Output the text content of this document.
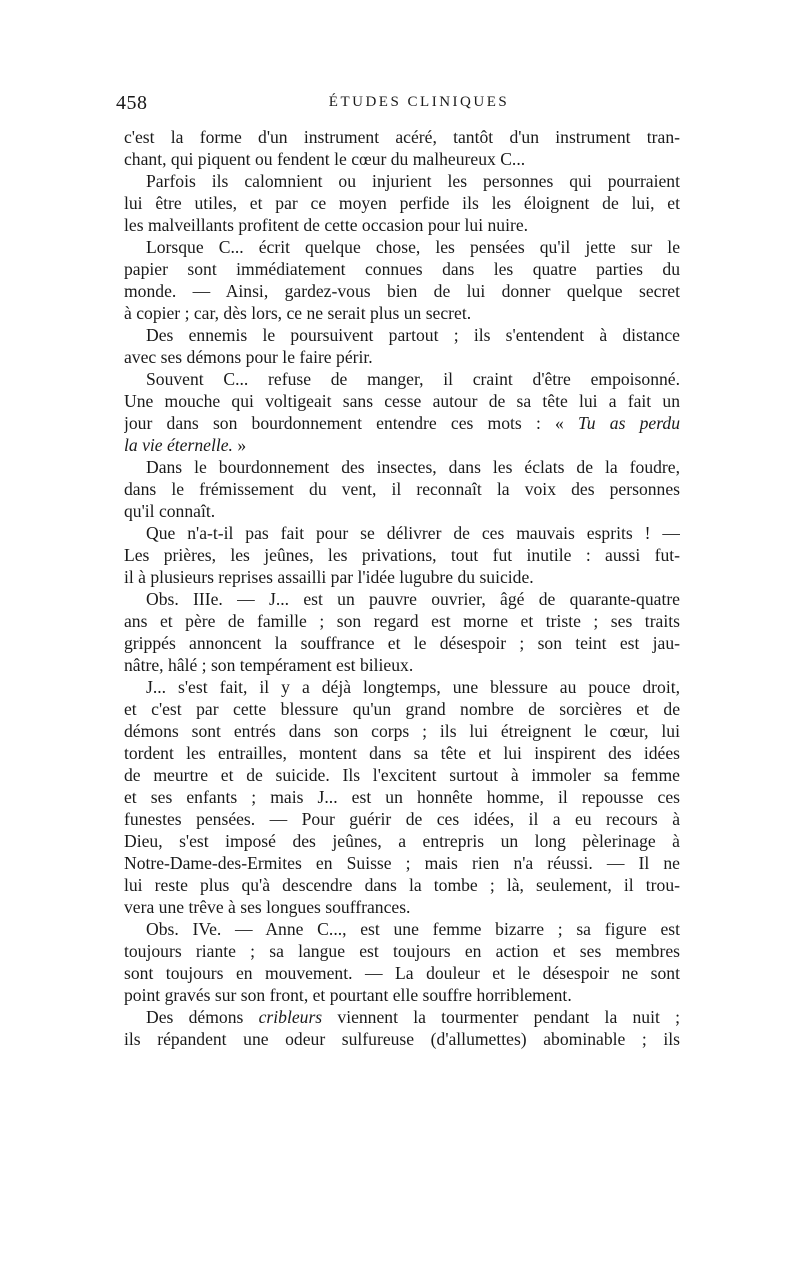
458	ÉTUDES CLINIQUES
c'est la forme d'un instrument acéré, tantôt d'un instrument tran-
chant, qui piquent ou fendent le cœur du malheureux C...
Parfois ils calomnient ou injurient les personnes qui pourraient
lui être utiles, et par ce moyen perfide ils les éloignent de lui, et
les malveillants profitent de cette occasion pour lui nuire.
Lorsque C... écrit quelque chose, les pensées qu'il jette sur le
papier sont immédiatement connues dans les quatre parties du
monde. — Ainsi, gardez-vous bien de lui donner quelque secret
à copier ; car, dès lors, ce ne serait plus un secret.
Des ennemis le poursuivent partout ; ils s'entendent à distance
avec ses démons pour le faire périr.
Souvent C... refuse de manger, il craint d'être empoisonné.
Une mouche qui voltigeait sans cesse autour de sa tête lui a fait un
jour dans son bourdonnement entendre ces mots : « Tu as perdu
la vie éternelle. »
Dans le bourdonnement des insectes, dans les éclats de la foudre,
dans le frémissement du vent, il reconnaît la voix des personnes
qu'il connaît.
Que n'a-t-il pas fait pour se délivrer de ces mauvais esprits ! —
Les prières, les jeûnes, les privations, tout fut inutile : aussi fut-
il à plusieurs reprises assailli par l'idée lugubre du suicide.
Obs. IIIe. — J... est un pauvre ouvrier, âgé de quarante-quatre
ans et père de famille ; son regard est morne et triste ; ses traits
grippés annoncent la souffrance et le désespoir ; son teint est jau-
nâtre, hâlé ; son tempérament est bilieux.
J... s'est fait, il y a déjà longtemps, une blessure au pouce droit,
et c'est par cette blessure qu'un grand nombre de sorcières et de
démons sont entrés dans son corps ; ils lui étreignent le cœur, lui
tordent les entrailles, montent dans sa tête et lui inspirent des idées
de meurtre et de suicide. Ils l'excitent surtout à immoler sa femme
et ses enfants ; mais J... est un honnête homme, il repousse ces
funestes pensées. — Pour guérir de ces idées, il a eu recours à
Dieu, s'est imposé des jeûnes, a entrepris un long pèlerinage à
Notre-Dame-des-Ermites en Suisse ; mais rien n'a réussi. — Il ne
lui reste plus qu'à descendre dans la tombe ; là, seulement, il trou-
vera une trêve à ses longues souffrances.
Obs. IVe. — Anne C..., est une femme bizarre ; sa figure est
toujours riante ; sa langue est toujours en action et ses membres
sont toujours en mouvement. — La douleur et le désespoir ne sont
point gravés sur son front, et pourtant elle souffre horriblement.
Des démons cribleurs viennent la tourmenter pendant la nuit ;
ils répandent une odeur sulfureuse (d'allumettes) abominable ; ils
